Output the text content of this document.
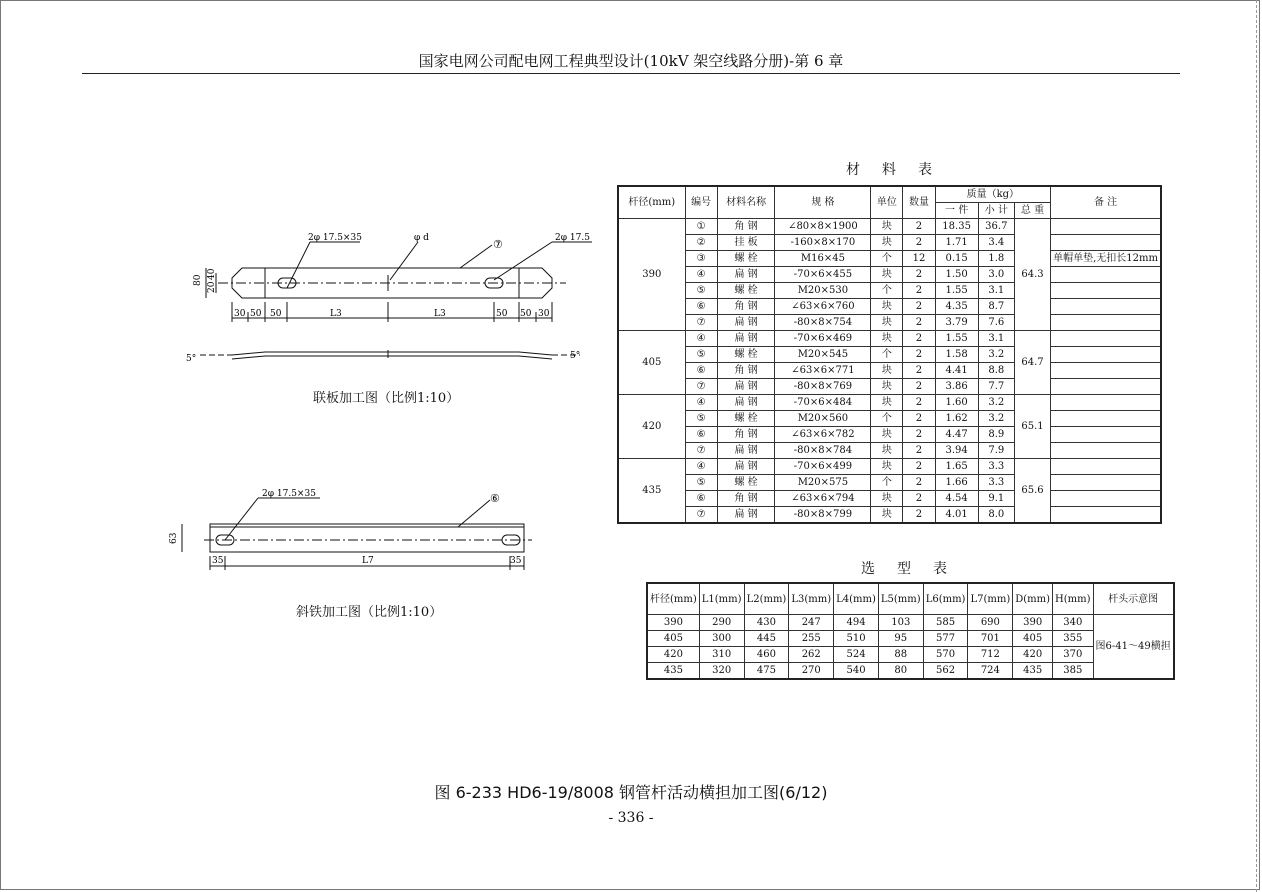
国家电网公司配电网工程典型设计(10kV 架空线路分册)-第 6 章
2φ 17.5×35	φ d	⑦	2φ 17.5
80
20
40
30 50 50	L3	L3	50 50 30
5°	5°
2φ 17.5×35	⑥
63
35	L7	35
联板加工图（比例1:10）
斜铁加工图（比例1:10）
材料表
杆径(mm)	编号	材料名称	规 格	单位	数量	质量（kg）			备 注
						一 件	小 计	总 重	
390	①	角 钢	∠80×8×1900	块	2	18.35	36.7	64.3	
	②	挂 板	-160×8×170	块	2	1.71	3.4		
	③	螺 栓	M16×45	个	12	0.15	1.8		单帽单垫,无扣长12mm
	④	扁 钢	-70×6×455	块	2	1.50	3.0		
	⑤	螺 栓	M20×530	个	2	1.55	3.1		
	⑥	角 钢	∠63×6×760	块	2	4.35	8.7		
	⑦	扁 钢	-80×8×754	块	2	3.79	7.6		
405	④	扁 钢	-70×6×469	块	2	1.55	3.1	64.7	
	⑤	螺 栓	M20×545	个	2	1.58	3.2		
	⑥	角 钢	∠63×6×771	块	2	4.41	8.8		
	⑦	扁 钢	-80×8×769	块	2	3.86	7.7		
420	④	扁 钢	-70×6×484	块	2	1.60	3.2	65.1	
	⑤	螺 栓	M20×560	个	2	1.62	3.2		
	⑥	角 钢	∠63×6×782	块	2	4.47	8.9		
	⑦	扁 钢	-80×8×784	块	2	3.94	7.9		
435	④	扁 钢	-70×6×499	块	2	1.65	3.3	65.6	
	⑤	螺 栓	M20×575	个	2	1.66	3.3		
	⑥	角 钢	∠63×6×794	块	2	4.54	9.1		
	⑦	扁 钢	-80×8×799	块	2	4.01	8.0		
选型表
杆径(mm)	L1(mm)	L2(mm)	L3(mm)	L4(mm)	L5(mm)	L6(mm)	L7(mm)	D(mm)	H(mm)	杆头示意图
390	290	430	247	494	103	585	690	390	340	图6-41～49横担
405	300	445	255	510	95	577	701	405	355	
420	310	460	262	524	88	570	712	420	370	
435	320	475	270	540	80	562	724	435	385	
图 6-233 HD6-19/8008 钢管杆活动横担加工图(6/12)
- 336 -
